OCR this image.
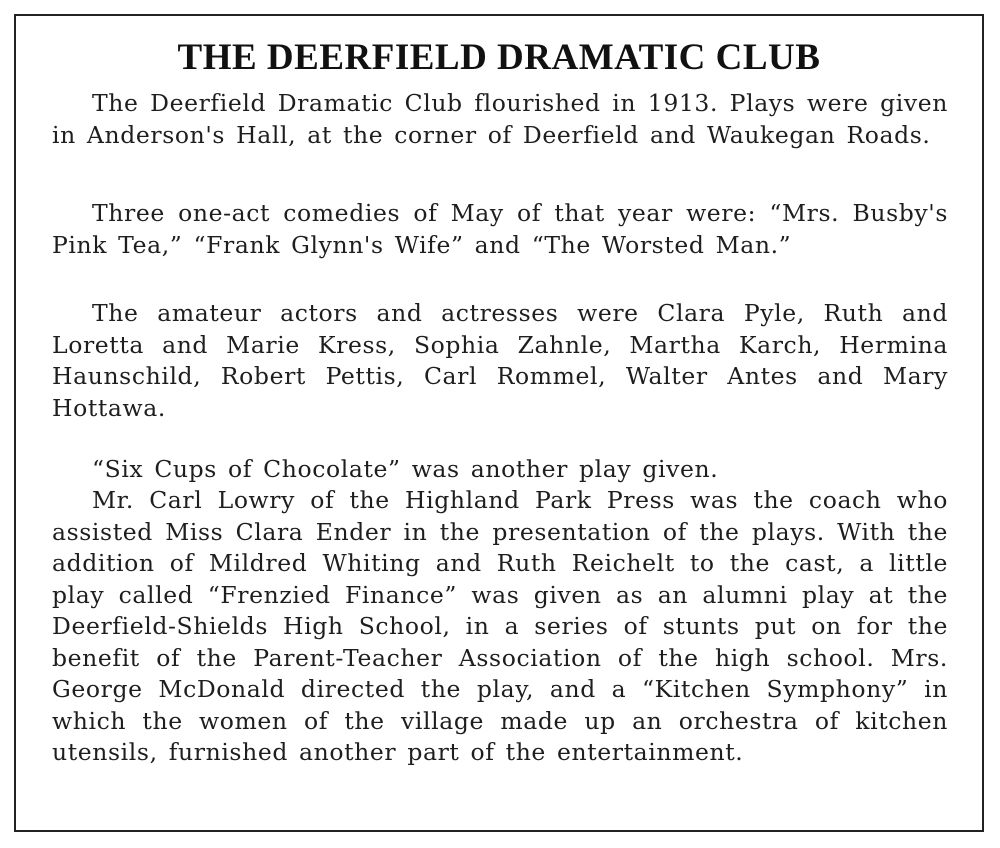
THE DEERFIELD DRAMATIC CLUB

The Deerfield Dramatic Club flourished in 1913. Plays were given in Anderson's Hall, at the corner of Deerfield and Waukegan Roads.

Three one-act comedies of May of that year were: “Mrs. Busby's Pink Tea,” “Frank Glynn's Wife” and “The Worsted Man.”

The amateur actors and actresses were Clara Pyle, Ruth and Loretta and Marie Kress, Sophia Zahnle, Martha Karch, Hermina Haunschild, Robert Pettis, Carl Rommel, Walter Antes and Mary Hottawa.

“Six Cups of Chocolate” was another play given.

Mr. Carl Lowry of the Highland Park Press was the coach who assisted Miss Clara Ender in the presentation of the plays. With the addition of Mildred Whiting and Ruth Reichelt to the cast, a little play called “Frenzied Finance” was given as an alumni play at the Deerfield-Shields High School, in a series of stunts put on for the benefit of the Parent-Teacher Association of the high school. Mrs. George McDonald directed the play, and a “Kitchen Symphony” in which the women of the village made up an orchestra of kitchen utensils, furnished another part of the entertainment.
